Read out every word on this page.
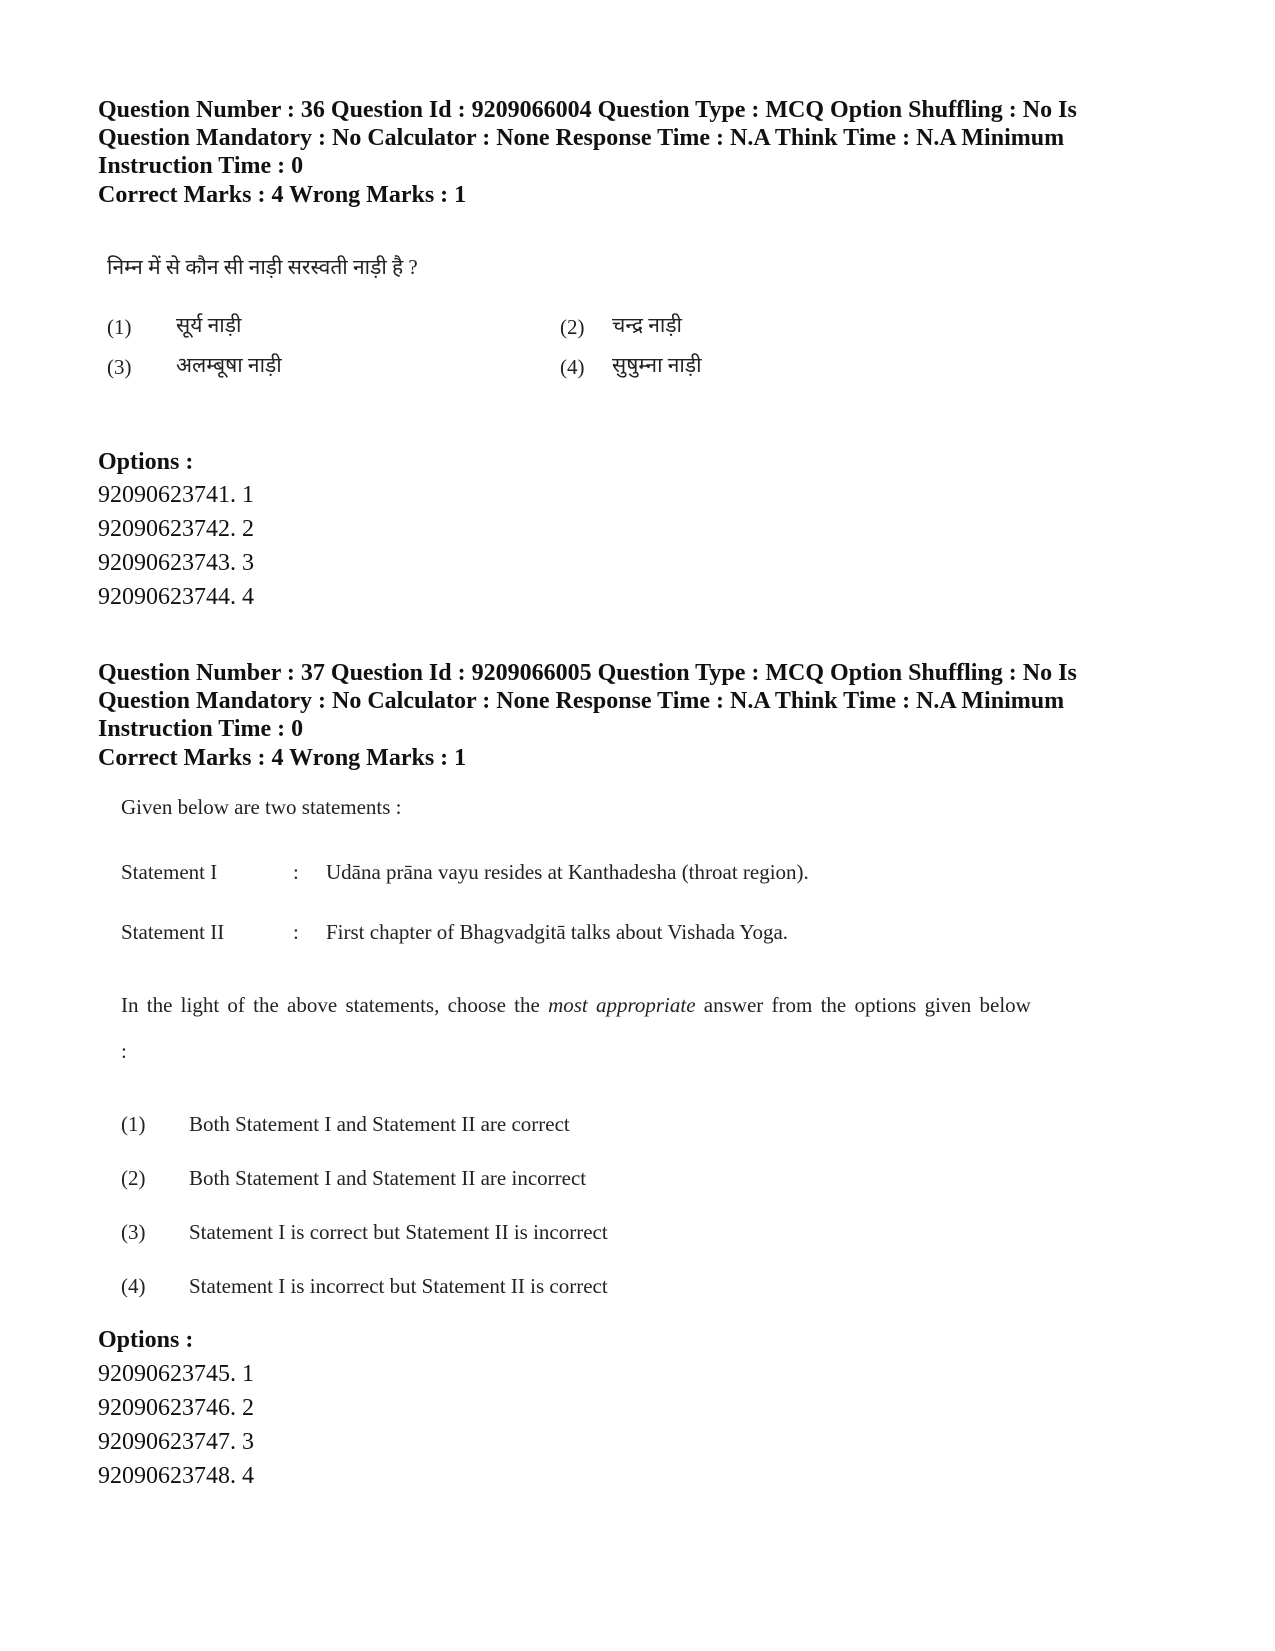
Question Number : 36 Question Id : 9209066004 Question Type : MCQ Option Shuffling : No Is Question Mandatory : No Calculator : None Response Time : N.A Think Time : N.A Minimum Instruction Time : 0
Correct Marks : 4 Wrong Marks : 1
निम्न में से कौन सी नाड़ी सरस्वती नाड़ी है ?
(1) सूर्य नाड़ी	(2) चन्द्र नाड़ी
(3) अलम्बूषा नाड़ी	(4) सुषुम्ना नाड़ी
Options :
92090623741. 1
92090623742. 2
92090623743. 3
92090623744. 4
Question Number : 37 Question Id : 9209066005 Question Type : MCQ Option Shuffling : No Is Question Mandatory : No Calculator : None Response Time : N.A Think Time : N.A Minimum Instruction Time : 0
Correct Marks : 4 Wrong Marks : 1
Given below are two statements :
Statement I	: Udāna prāna vayu resides at Kanthadesha (throat region).
Statement II	: First chapter of Bhagvadgitā talks about Vishada Yoga.
In the light of the above statements, choose the most appropriate answer from the options given below :
(1) Both Statement I and Statement II are correct
(2) Both Statement I and Statement II are incorrect
(3) Statement I is correct but Statement II is incorrect
(4) Statement I is incorrect but Statement II is correct
Options :
92090623745. 1
92090623746. 2
92090623747. 3
92090623748. 4
